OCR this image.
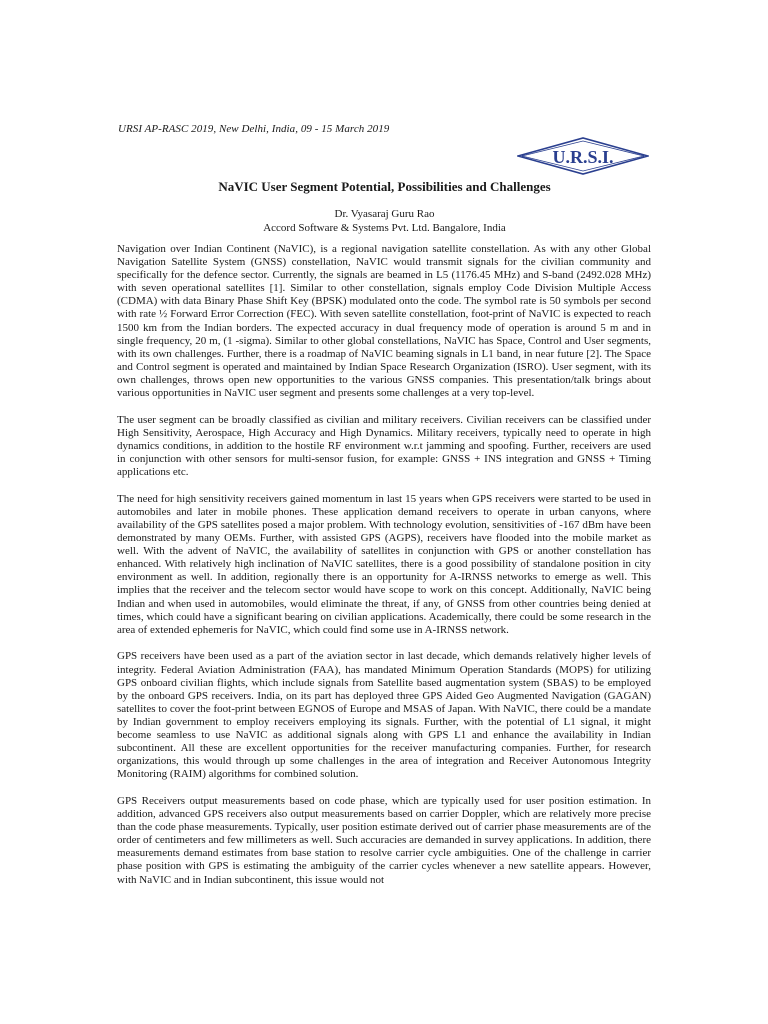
URSI AP-RASC 2019, New Delhi, India, 09 - 15 March 2019
U.R.S.I.
NaVIC User Segment Potential, Possibilities and Challenges
Dr. Vyasaraj Guru Rao
Accord Software & Systems Pvt. Ltd. Bangalore, India

Navigation over Indian Continent (NaVIC), is a regional navigation satellite constellation. As with any other Global Navigation Satellite System (GNSS) constellation, NaVIC would transmit signals for the civilian community and specifically for the defence sector. Currently, the signals are beamed in L5 (1176.45 MHz) and S-band (2492.028 MHz) with seven operational satellites [1]. Similar to other constellation, signals employ Code Division Multiple Access (CDMA) with data Binary Phase Shift Key (BPSK) modulated onto the code. The symbol rate is 50 symbols per second with rate ½ Forward Error Correction (FEC). With seven satellite constellation, foot-print of NaVIC is expected to reach 1500 km from the Indian borders. The expected accuracy in dual frequency mode of operation is around 5 m and in single frequency, 20 m, (1 -sigma). Similar to other global constellations, NaVIC has Space, Control and User segments, with its own challenges. Further, there is a roadmap of NaVIC beaming signals in L1 band, in near future [2]. The Space and Control segment is operated and maintained by Indian Space Research Organization (ISRO). User segment, with its own challenges, throws open new opportunities to the various GNSS companies. This presentation/talk brings about various opportunities in NaVIC user segment and presents some challenges at a very top-level.

The user segment can be broadly classified as civilian and military receivers. Civilian receivers can be classified under High Sensitivity, Aerospace, High Accuracy and High Dynamics. Military receivers, typically need to operate in high dynamics conditions, in addition to the hostile RF environment w.r.t jamming and spoofing. Further, receivers are used in conjunction with other sensors for multi-sensor fusion, for example: GNSS + INS integration and GNSS + Timing applications etc.

The need for high sensitivity receivers gained momentum in last 15 years when GPS receivers were started to be used in automobiles and later in mobile phones. These application demand receivers to operate in urban canyons, where availability of the GPS satellites posed a major problem. With technology evolution, sensitivities of -167 dBm have been demonstrated by many OEMs. Further, with assisted GPS (AGPS), receivers have flooded into the mobile market as well. With the advent of NaVIC, the availability of satellites in conjunction with GPS or another constellation has enhanced. With relatively high inclination of NaVIC satellites, there is a good possibility of standalone position in city environment as well. In addition, regionally there is an opportunity for A-IRNSS networks to emerge as well. This implies that the receiver and the telecom sector would have scope to work on this concept. Additionally, NaVIC being Indian and when used in automobiles, would eliminate the threat, if any, of GNSS from other countries being denied at times, which could have a significant bearing on civilian applications. Academically, there could be some research in the area of extended ephemeris for NaVIC, which could find some use in A-IRNSS network.

GPS receivers have been used as a part of the aviation sector in last decade, which demands relatively higher levels of integrity. Federal Aviation Administration (FAA), has mandated Minimum Operation Standards (MOPS) for utilizing GPS onboard civilian flights, which include signals from Satellite based augmentation system (SBAS) to be employed by the onboard GPS receivers. India, on its part has deployed three GPS Aided Geo Augmented Navigation (GAGAN) satellites to cover the foot-print between EGNOS of Europe and MSAS of Japan. With NaVIC, there could be a mandate by Indian government to employ receivers employing its signals. Further, with the potential of L1 signal, it might become seamless to use NaVIC as additional signals along with GPS L1 and enhance the availability in Indian subcontinent. All these are excellent opportunities for the receiver manufacturing companies. Further, for research organizations, this would through up some challenges in the area of integration and Receiver Autonomous Integrity Monitoring (RAIM) algorithms for combined solution.

GPS Receivers output measurements based on code phase, which are typically used for user position estimation. In addition, advanced GPS receivers also output measurements based on carrier Doppler, which are relatively more precise than the code phase measurements. Typically, user position estimate derived out of carrier phase measurements are of the order of centimeters and few millimeters as well. Such accuracies are demanded in survey applications. In addition, there measurements demand estimates from base station to resolve carrier cycle ambiguities. One of the challenge in carrier phase position with GPS is estimating the ambiguity of the carrier cycles whenever a new satellite appears. However, with NaVIC and in Indian subcontinent, this issue would not
